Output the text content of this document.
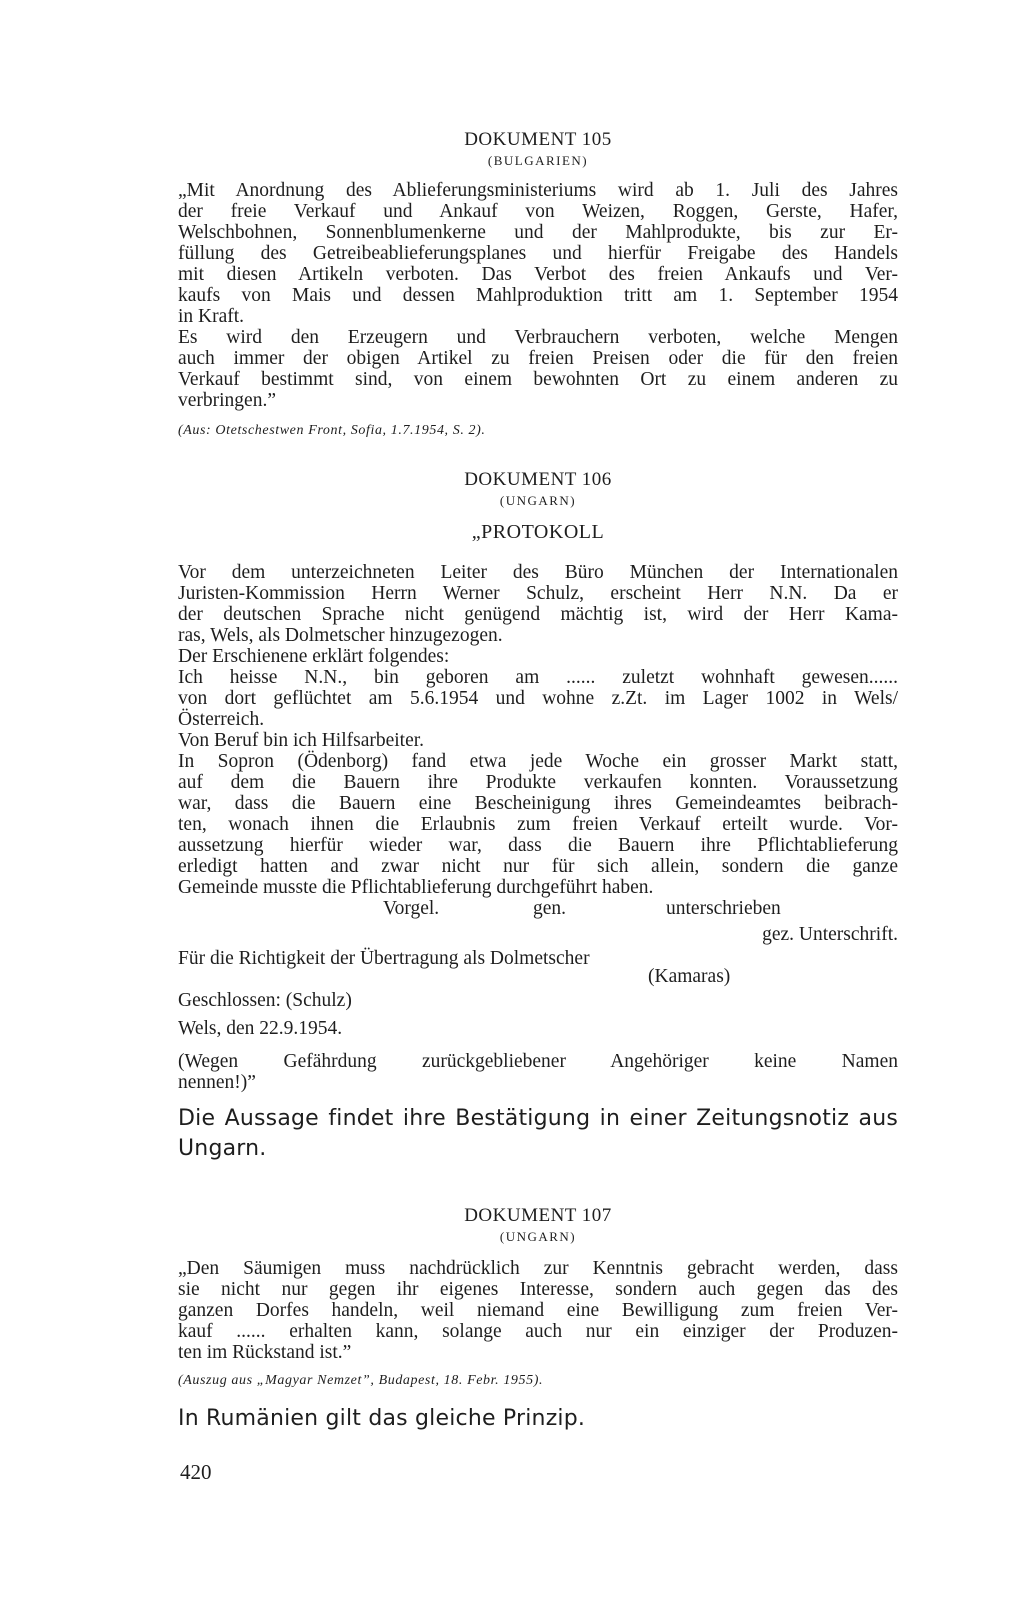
DOKUMENT 105

(BULGARIEN)

„Mit Anordnung des Ablieferungsministeriums wird ab 1. Juli des Jahres
der freie Verkauf und Ankauf von Weizen, Roggen, Gerste, Hafer,
Welschbohnen, Sonnenblumenkerne und der Mahlprodukte, bis zur Er-
füllung des Getreibeablieferungsplanes und hierfür Freigabe des Handels
mit diesen Artikeln verboten. Das Verbot des freien Ankaufs und Ver-
kaufs von Mais und dessen Mahlproduktion tritt am 1. September 1954
in Kraft.
Es wird den Erzeugern und Verbrauchern verboten, welche Mengen
auch immer der obigen Artikel zu freien Preisen oder die für den freien
Verkauf bestimmt sind, von einem bewohnten Ort zu einem anderen zu
verbringen.”

(Aus: Otetschestwen Front, Sofia, 1.7.1954, S. 2).

DOKUMENT 106

(UNGARN)

„PROTOKOLL

Vor dem unterzeichneten Leiter des Büro München der Internationalen
Juristen-Kommission Herrn Werner Schulz, erscheint Herr N.N. Da er
der deutschen Sprache nicht genügend mächtig ist, wird der Herr Kama-
ras, Wels, als Dolmetscher hinzugezogen.
Der Erschienene erklärt folgendes:
Ich heisse N.N., bin geboren am ...... zuletzt wohnhaft gewesen......
von dort geflüchtet am 5.6.1954 und wohne z.Zt. im Lager 1002 in Wels/
Österreich.
Von Beruf bin ich Hilfsarbeiter.
In Sopron (Ödenborg) fand etwa jede Woche ein grosser Markt statt,
auf dem die Bauern ihre Produkte verkaufen konnten. Voraussetzung
war, dass die Bauern eine Bescheinigung ihres Gemeindeamtes beibrach-
ten, wonach ihnen die Erlaubnis zum freien Verkauf erteilt wurde. Vor-
aussetzung hierfür wieder war, dass die Bauern ihre Pflichtablieferung
erledigt hatten and zwar nicht nur für sich allein, sondern die ganze
Gemeinde musste die Pflichtablieferung durchgeführt haben.
Vorgel.	gen.	unterschrieben
gez. Unterschrift.
Für die Richtigkeit der Übertragung als Dolmetscher
(Kamaras)
Geschlossen: (Schulz)
Wels, den 22.9.1954.
(Wegen Gefährdung zurückgebliebener Angehöriger keine Namen
nennen!)”

Die Aussage findet ihre Bestätigung in einer Zeitungsnotiz aus

Ungarn.

DOKUMENT 107

(UNGARN)

„Den Säumigen muss nachdrücklich zur Kenntnis gebracht werden, dass
sie nicht nur gegen ihr eigenes Interesse, sondern auch gegen das des
ganzen Dorfes handeln, weil niemand eine Bewilligung zum freien Ver-
kauf ...... erhalten kann, solange auch nur ein einziger der Produzen-
ten im Rückstand ist.”

(Auszug aus „Magyar Nemzet”, Budapest, 18. Febr. 1955).

In Rumänien gilt das gleiche Prinzip.

420
